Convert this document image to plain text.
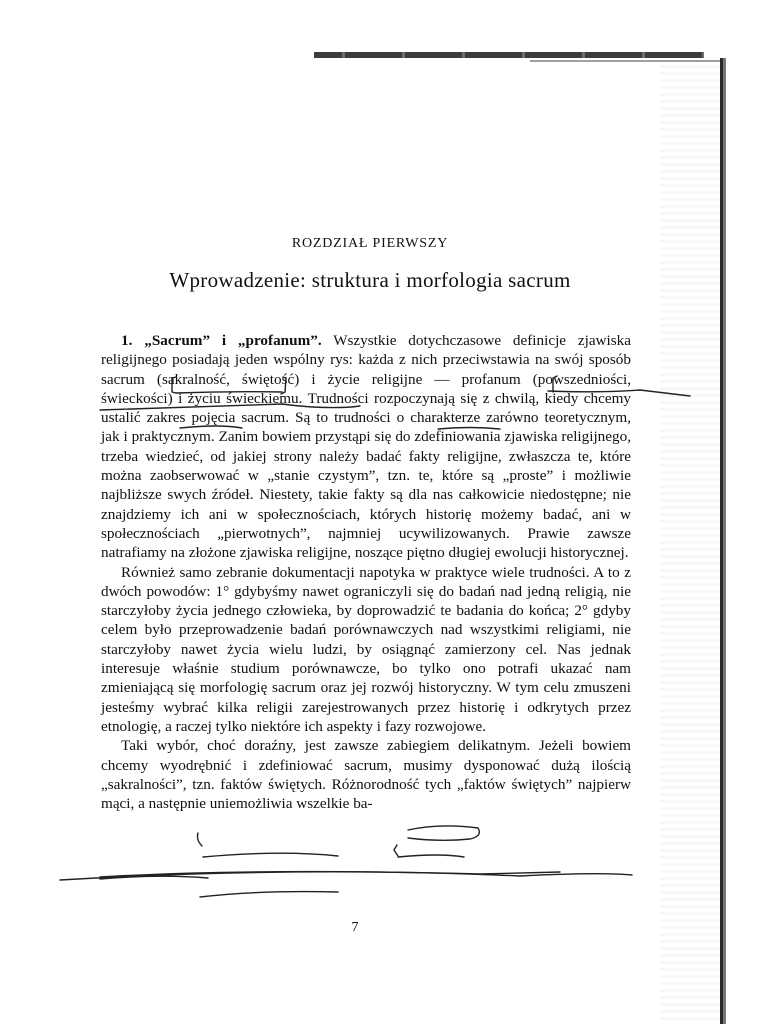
ROZDZIAŁ PIERWSZY
Wprowadzenie: struktura i morfologia sacrum

1. „Sacrum” i „profanum”. Wszystkie dotychczasowe definicje zjawiska religijnego posiadają jeden wspólny rys: każda z nich przeciwstawia na swój sposób sacrum (sakralność, świętość) i życie religijne — profanum (powszedniości, świeckości) i życiu świeckiemu. Trudności rozpoczynają się z chwilą, kiedy chcemy ustalić zakres pojęcia sacrum. Są to trudności o charakterze zarówno teoretycznym, jak i praktycznym. Zanim bowiem przystąpi się do zdefiniowania zjawiska religijnego, trzeba wiedzieć, od jakiej strony należy badać fakty religijne, zwłaszcza te, które można zaobserwować w „stanie czystym”, tzn. te, które są „proste” i możliwie najbliższe swych źródeł. Niestety, takie fakty są dla nas całkowicie niedostępne; nie znajdziemy ich ani w społecznościach, których historię możemy badać, ani w społecznościach „pierwotnych”, najmniej ucywilizowanych. Prawie zawsze natrafiamy na złożone zjawiska religijne, noszące piętno długiej ewolucji historycznej.

Również samo zebranie dokumentacji napotyka w praktyce wiele trudności. A to z dwóch powodów: 1° gdybyśmy nawet ograniczyli się do badań nad jedną religią, nie starczyłoby życia jednego człowieka, by doprowadzić te badania do końca; 2° gdyby celem było przeprowadzenie badań porównawczych nad wszystkimi religiami, nie starczyłoby nawet życia wielu ludzi, by osiągnąć zamierzony cel. Nas jednak interesuje właśnie studium porównawcze, bo tylko ono potrafi ukazać nam zmieniającą się morfologię sacrum oraz jej rozwój historyczny. W tym celu zmuszeni jesteśmy wybrać kilka religii zarejestrowanych przez historię i odkrytych przez etnologię, a raczej tylko niektóre ich aspekty i fazy rozwojowe.

Taki wybór, choć doraźny, jest zawsze zabiegiem delikatnym. Jeżeli bowiem chcemy wyodrębnić i zdefiniować sacrum, musimy dysponować dużą ilością „sakralności”, tzn. faktów świętych. Różnorodność tych „faktów świętych” najpierw mąci, a następnie uniemożliwia wszelkie ba-

7
